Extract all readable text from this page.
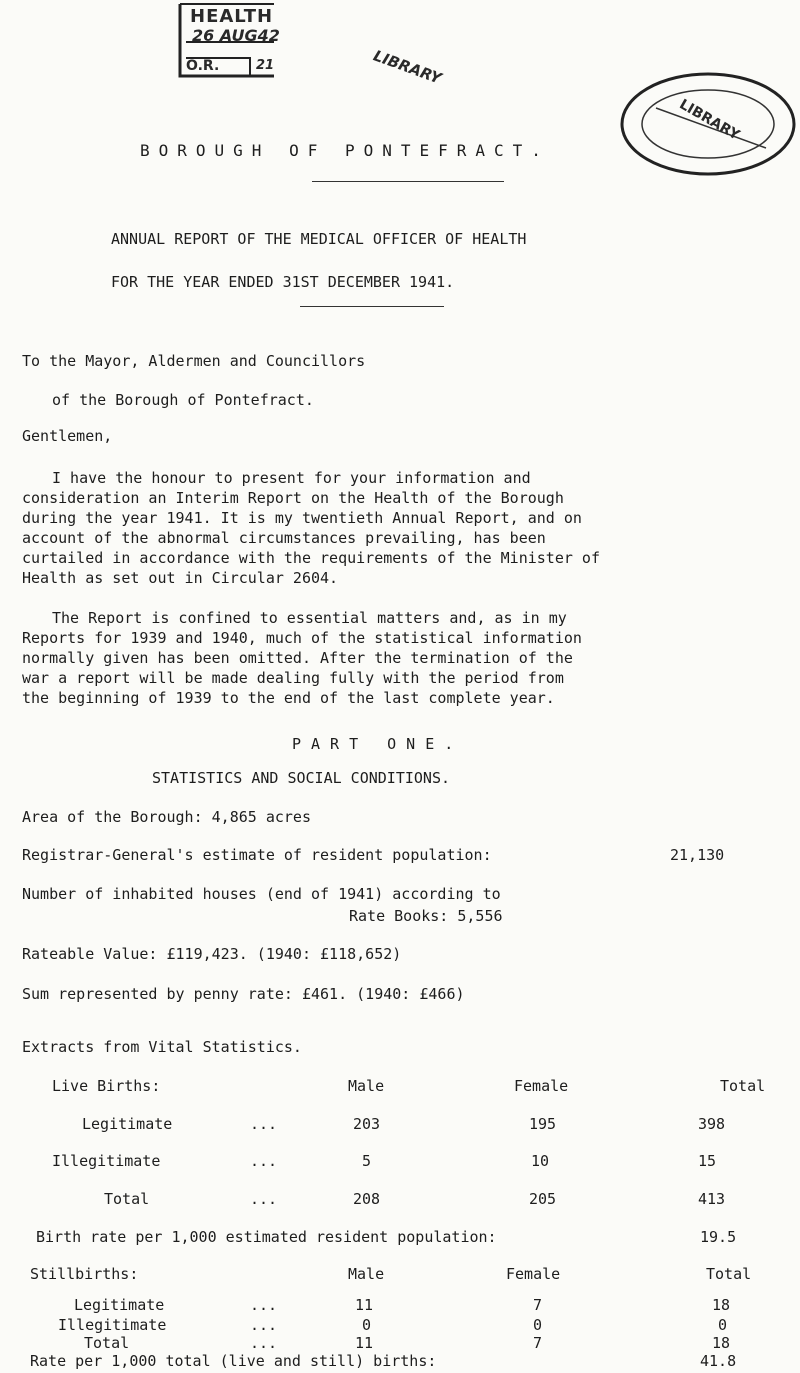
HEALTH
26 AUG42
O.R.	21	LIBRARY
LIBRARY
BOROUGH OF PONTEFRACT.
ANNUAL REPORT OF THE MEDICAL OFFICER OF HEALTH
FOR THE YEAR ENDED 31ST DECEMBER 1941.
To the Mayor, Aldermen and Councillors
of the Borough of Pontefract.
Gentlemen,
I have the honour to present for your information and
consideration an Interim Report on the Health of the Borough
during the year 1941. It is my twentieth Annual Report, and on
account of the abnormal circumstances prevailing, has been
curtailed in accordance with the requirements of the Minister of
Health as set out in Circular 2604.
The Report is confined to essential matters and, as in my
Reports for 1939 and 1940, much of the statistical information
normally given has been omitted. After the termination of the
war a report will be made dealing fully with the period from
the beginning of 1939 to the end of the last complete year.
PART ONE.
STATISTICS AND SOCIAL CONDITIONS.
Area of the Borough: 4,865 acres
Registrar-General's estimate of resident population:	21,130
Number of inhabited houses (end of 1941) according to
Rate Books: 5,556
Rateable Value: £119,423. (1940: £118,652)
Sum represented by penny rate: £461. (1940: £466)
Extracts from Vital Statistics.
Live Births:	Male	Female	Total
Legitimate	...	203	195	398
Illegitimate	...	5	10	15
Total	...	208	205	413
Birth rate per 1,000 estimated resident population:	19.5
Stillbirths:	Male	Female	Total
Legitimate	...	11	7	18
Illegitimate	...	0	0	0
Total	...	11	7	18
Rate per 1,000 total (live and still) births:	41.8
